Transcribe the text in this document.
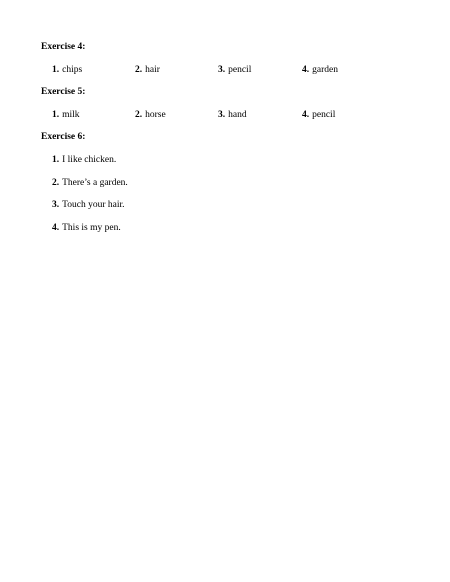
Exercise 4:
1. chips	2. hair	3. pencil	4. garden
Exercise 5:
1. milk	2. horse	3. hand	4. pencil
Exercise 6:
1. I like chicken.
2. There’s a garden.
3. Touch your hair.
4. This is my pen.
